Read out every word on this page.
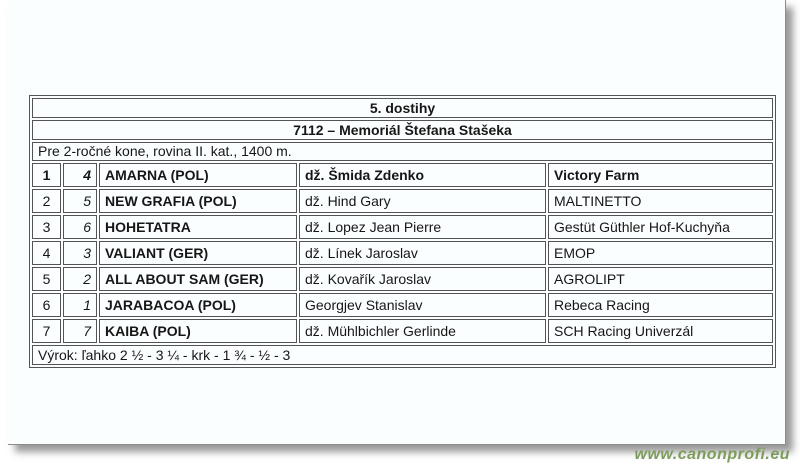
5. dostihy				
7112 – Memoriál Štefana Stašeka				
Pre 2-ročné kone, rovina II. kat., 1400 m.				
1	4	AMARNA (POL)	dž. Šmida Zdenko	Victory Farm
2	5	NEW GRAFIA (POL)	dž. Hind Gary	MALTINETTO
3	6	HOHETATRA	dž. Lopez Jean Pierre	Gestüt Güthler Hof-Kuchyňa
4	3	VALIANT (GER)	dž. Línek Jaroslav	EMOP
5	2	ALL ABOUT SAM (GER)	dž. Kovařík Jaroslav	AGROLIPT
6	1	JARABACOA (POL)	Georgjev Stanislav	Rebeca Racing
7	7	KAIBA (POL)	dž. Mühlbichler Gerlinde	SCH Racing Univerzál
Výrok: ľahko 2 ½ - 3 ¼ - krk - 1 ¾ - ½ - 3				
www.canonprofi.eu
